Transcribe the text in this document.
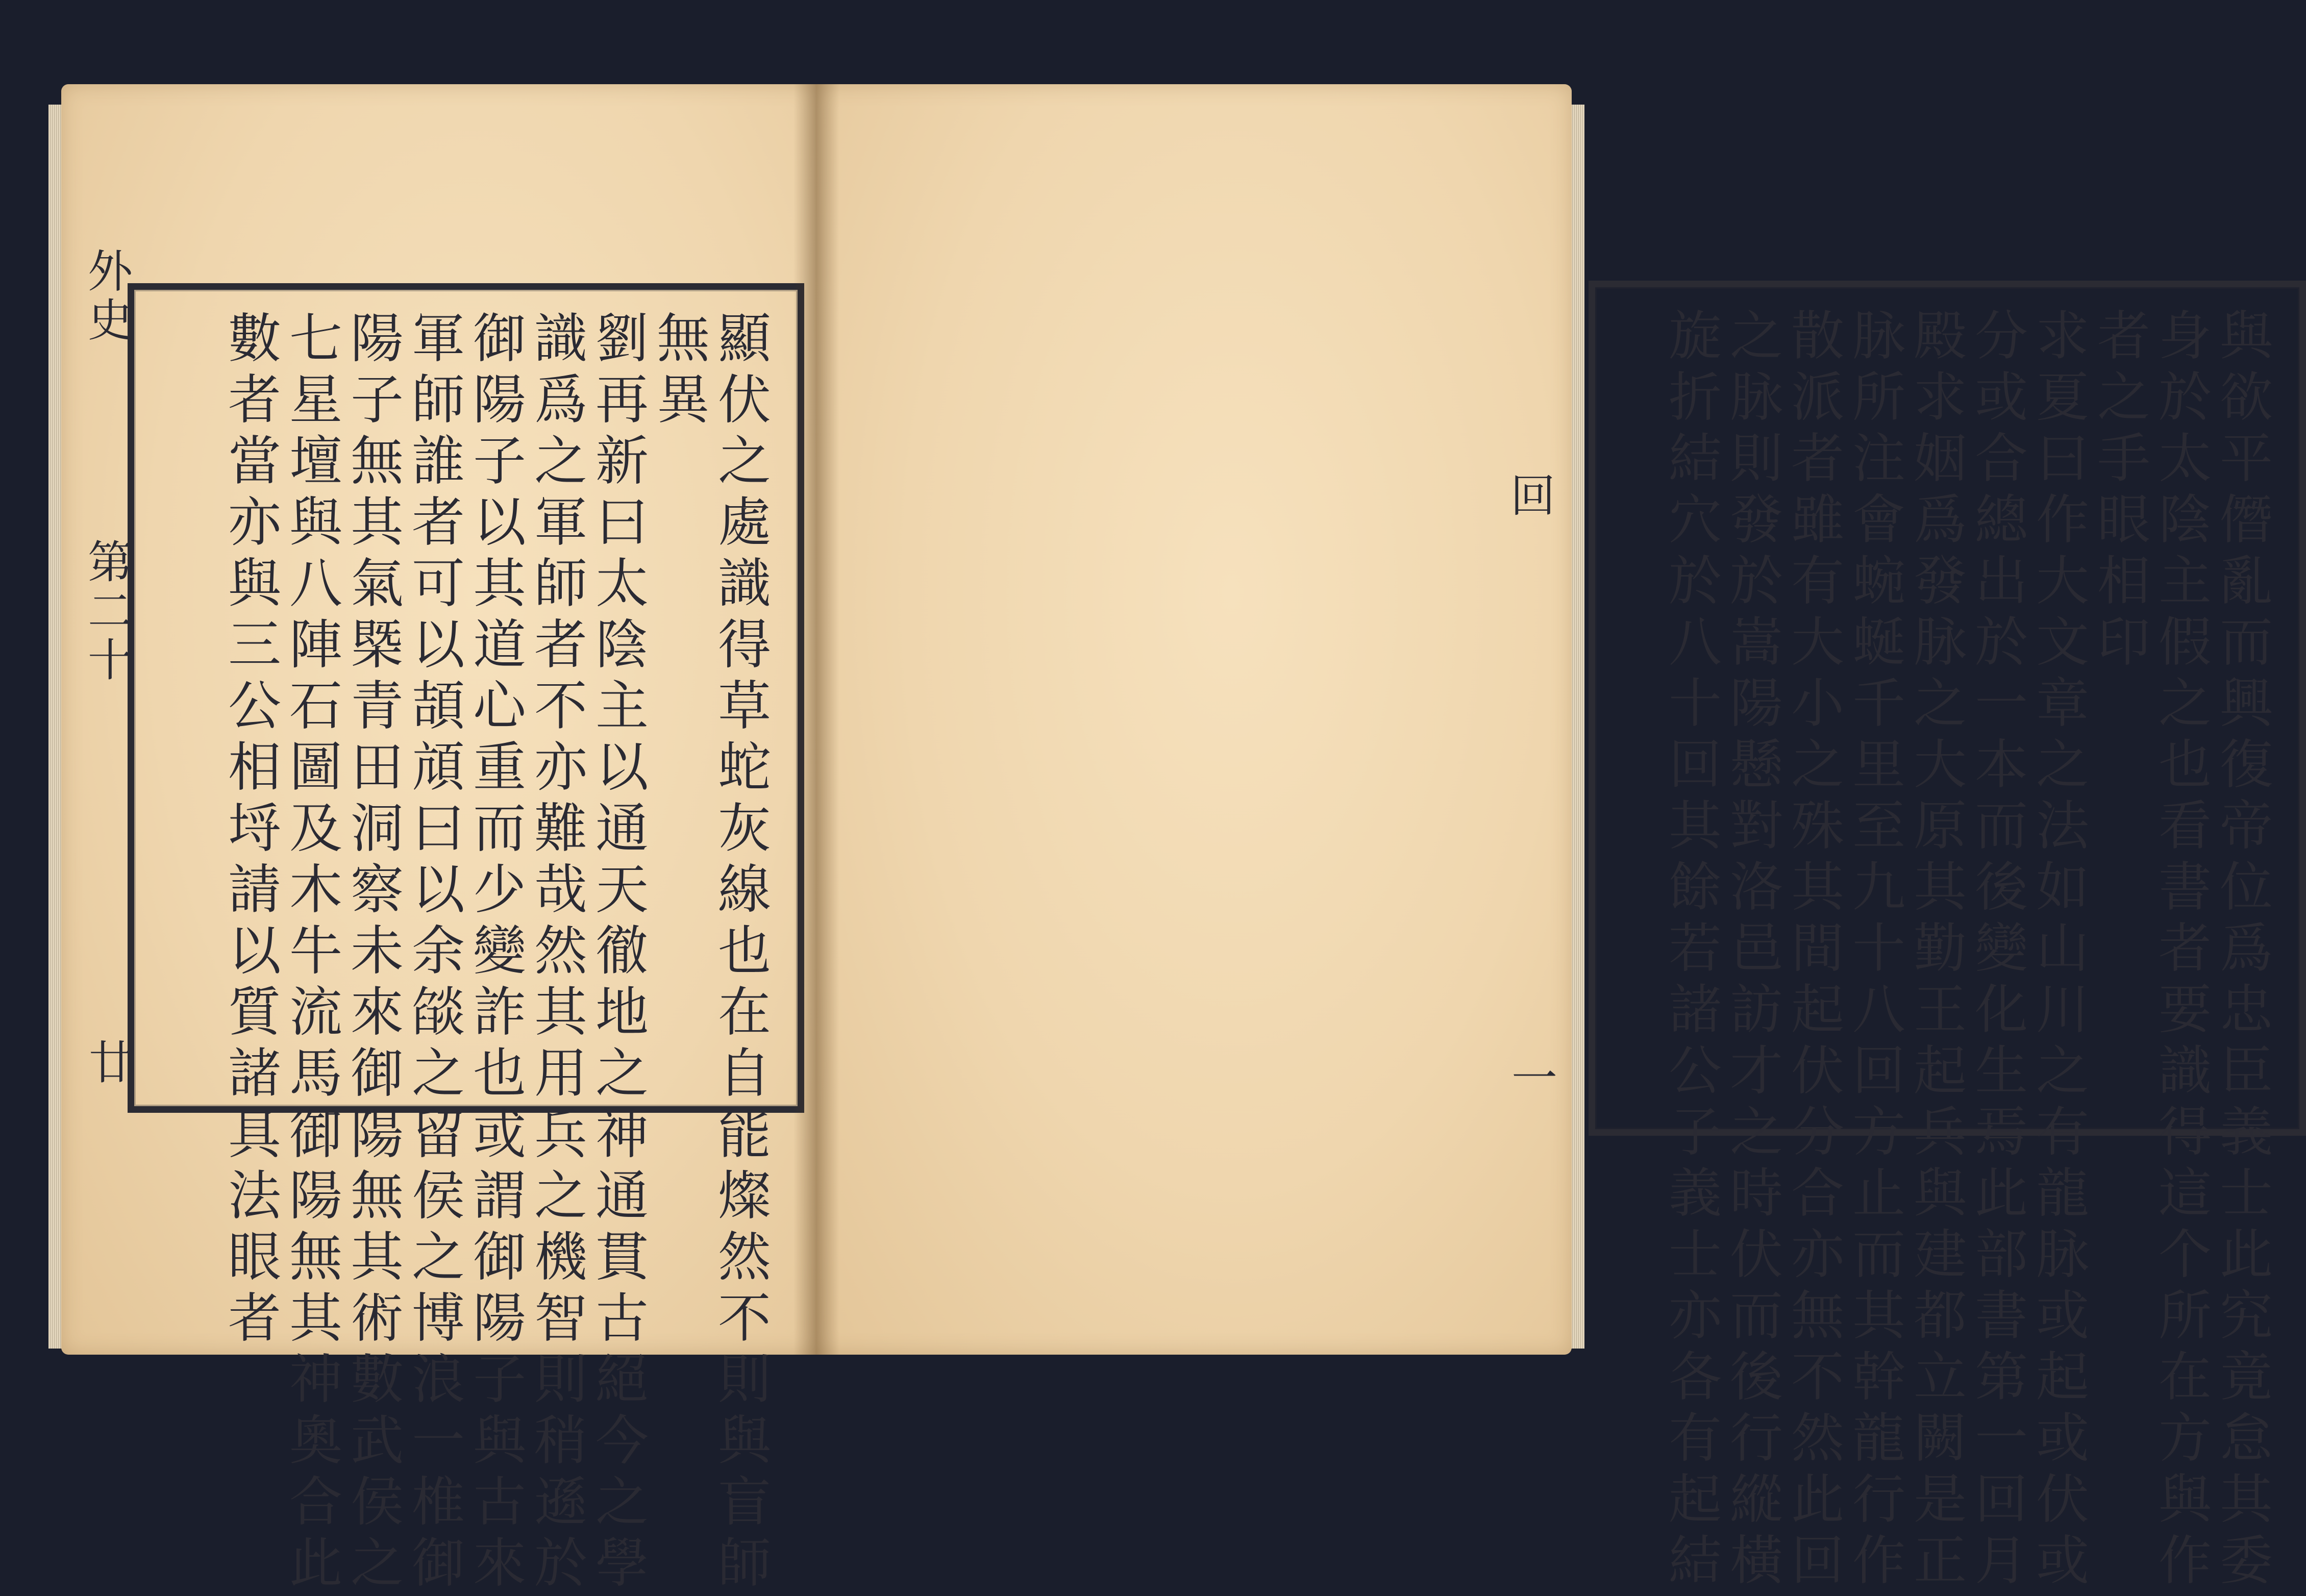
外史
第二十
廿	顯伏之處識得草蛇灰線也在自能燦然不則與盲師
無異
劉再新曰太陰主以通天徹地之神通貫古絕今之學
識爲之軍師者不亦難哉然其用兵之機智則稍遜於
御陽子以其道心重而少變詐也或謂御陽子與古來
軍師誰者可以頡頏曰以余燄之留侯之博浪一椎御
陽子無其氣槩青田洞察未來御陽無其術數武侯之
七星壇與八陣石圖及木牛流馬御陽無其神奧合此
數者當亦與三公相埒請以質諸具法眼者	回
一	與欲平僭亂而興復帝位爲忠臣義士此究竟怠其委
身於太陰主假之也看書者要識得這个所在方與作
者之手眼相印
求夏曰作大文章之法如山川之有龍脉或起或伏或
分或合總出於一本而後變化生焉此部書第一回月
殿求姻爲發脉之大原其勤王起兵與建都立闕是正
脉所注會蜿蜒千里至九十八回方止而其幹龍行作
散派者雖有大小之殊其間起伏分合亦無不然此回
之脉則發於嵩陽懸對洛邑訪才之時伏而後行縱橫
旋折結穴於八十回其餘若諸公子義士亦各有起結
